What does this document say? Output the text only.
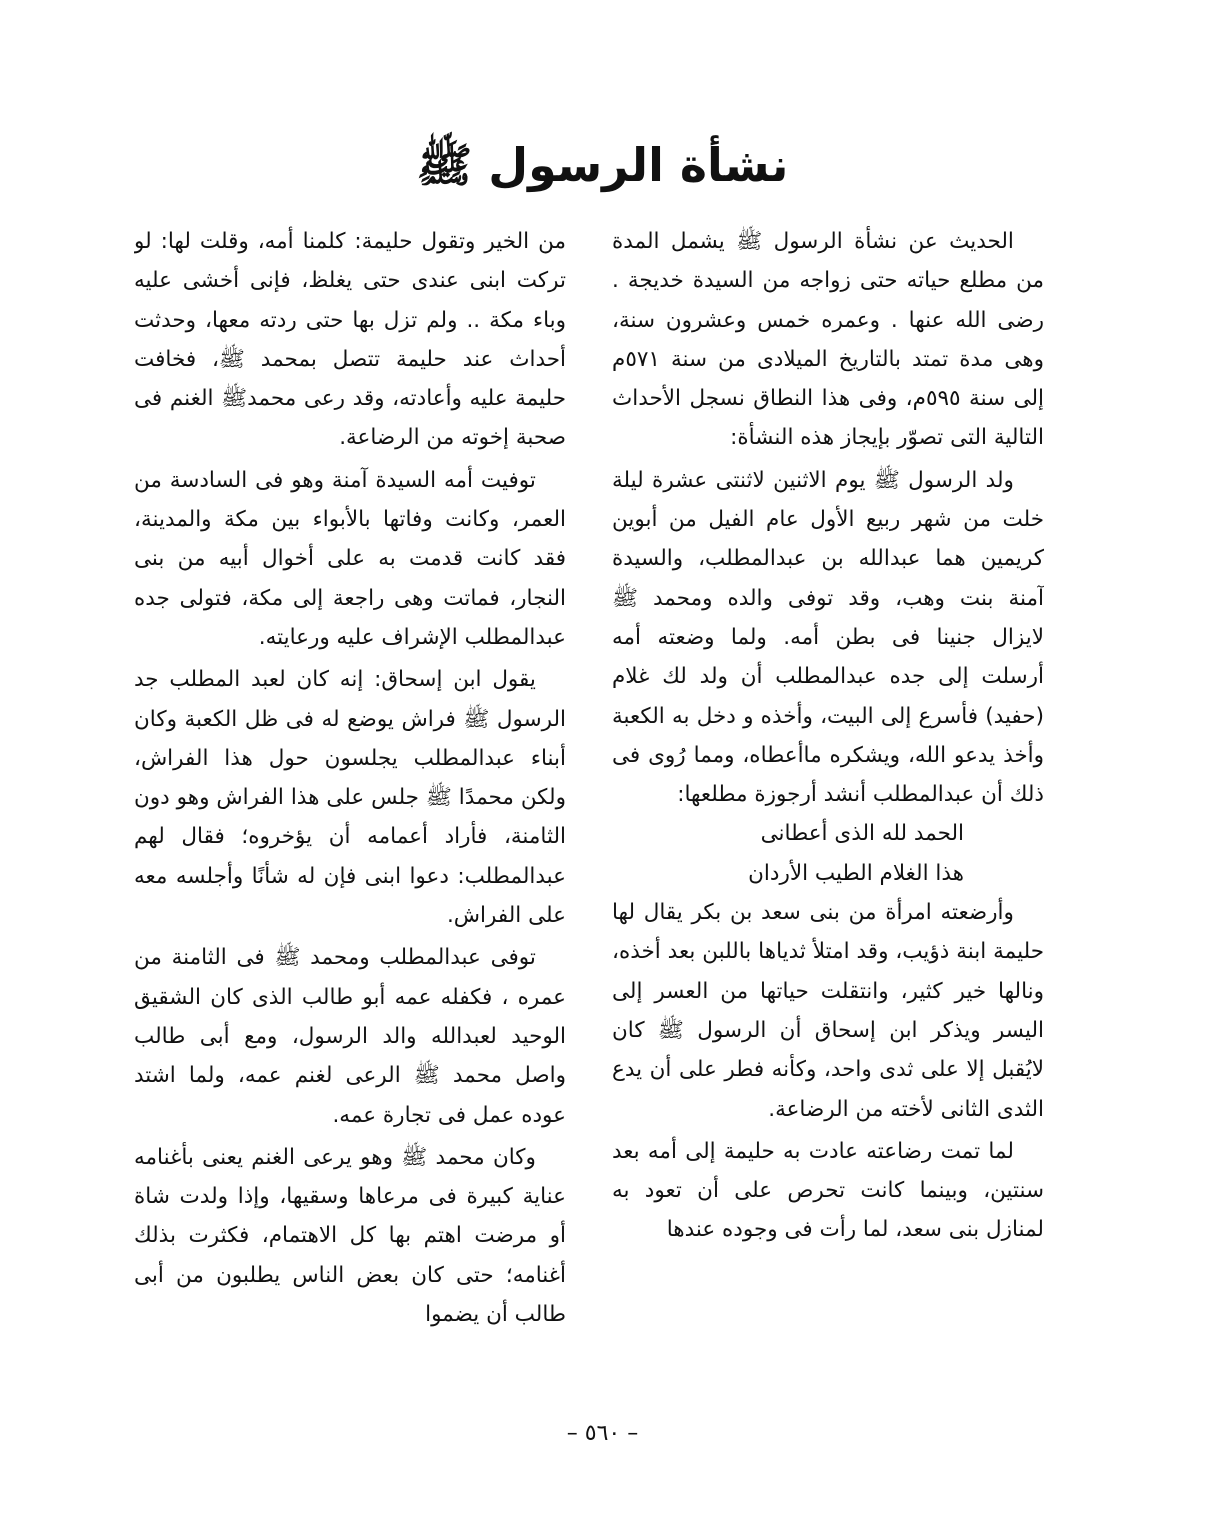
نشأة الرسول ﷺ

الحديث عن نشأة الرسول ﷺ يشمل المدة من مطلع حياته حتى زواجه من السيدة خديجة . رضى الله عنها . وعمره خمس وعشرون سنة، وهى مدة تمتد بالتاريخ الميلادى من سنة ٥٧١م إلى سنة ٥٩٥م، وفى هذا النطاق نسجل الأحداث التالية التى تصوّر بإيجاز هذه النشأة:

ولد الرسول ﷺ يوم الاثنين لاثنتى عشرة ليلة خلت من شهر ربيع الأول عام الفيل من أبوين كريمين هما عبدالله بن عبدالمطلب، والسيدة آمنة بنت وهب، وقد توفى والده ومحمد ﷺ لايزال جنينا فى بطن أمه. ولما وضعته أمه أرسلت إلى جده عبدالمطلب أن ولد لك غلام (حفيد) فأسرع إلى البيت، وأخذه و دخل به الكعبة وأخذ يدعو الله، ويشكره ماأعطاه، ومما رُوى فى ذلك أن عبدالمطلب أنشد أرجوزة مطلعها:

الحمد لله الذى أعطانى
هذا الغلام الطيب الأردان

وأرضعته امرأة من بنى سعد بن بكر يقال لها حليمة ابنة ذؤيب، وقد امتلأ ثدياها باللبن بعد أخذه، ونالها خير كثير، وانتقلت حياتها من العسر إلى اليسر ويذكر ابن إسحاق أن الرسول ﷺ كان لايُقبل إلا على ثدى واحد، وكأنه فطر على أن يدع الثدى الثانى لأخته من الرضاعة.

لما تمت رضاعته عادت به حليمة إلى أمه بعد سنتين، وبينما كانت تحرص على أن تعود به لمنازل بنى سعد، لما رأت فى وجوده عندها

من الخير وتقول حليمة: كلمنا أمه، وقلت لها: لو تركت ابنى عندى حتى يغلظ، فإنى أخشى عليه وباء مكة .. ولم تزل بها حتى ردته معها، وحدثت أحداث عند حليمة تتصل بمحمد ﷺ، فخافت حليمة عليه وأعادته، وقد رعى محمدﷺ الغنم فى صحبة إخوته من الرضاعة.

توفيت أمه السيدة آمنة وهو فى السادسة من العمر، وكانت وفاتها بالأبواء بين مكة والمدينة، فقد كانت قدمت به على أخوال أبيه من بنى النجار، فماتت وهى راجعة إلى مكة، فتولى جده عبدالمطلب الإشراف عليه ورعايته.

يقول ابن إسحاق: إنه كان لعبد المطلب جد الرسول ﷺ فراش يوضع له فى ظل الكعبة وكان أبناء عبدالمطلب يجلسون حول هذا الفراش، ولكن محمدًا ﷺ جلس على هذا الفراش وهو دون الثامنة، فأراد أعمامه أن يؤخروه؛ فقال لهم عبدالمطلب: دعوا ابنى فإن له شأنًا وأجلسه معه على الفراش.

توفى عبدالمطلب ومحمد ﷺ فى الثامنة من عمره ، فكفله عمه أبو طالب الذى كان الشقيق الوحيد لعبدالله والد الرسول، ومع أبى طالب واصل محمد ﷺ الرعى لغنم عمه، ولما اشتد عوده عمل فى تجارة عمه.

وكان محمد ﷺ وهو يرعى الغنم يعنى بأغنامه عناية كبيرة فى مرعاها وسقيها، وإذا ولدت شاة أو مرضت اهتم بها كل الاهتمام، فكثرت بذلك أغنامه؛ حتى كان بعض الناس يطلبون من أبى طالب أن يضموا

– ٥٦٠ –
